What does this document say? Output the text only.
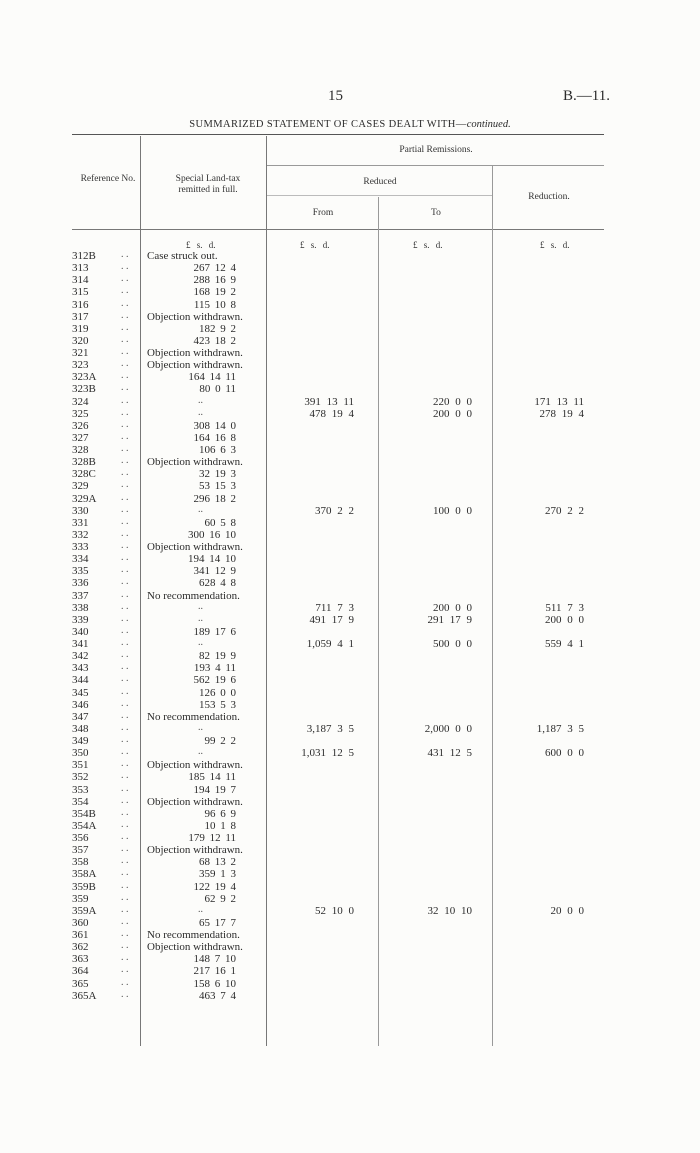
15	B.—11.
SUMMARIZED STATEMENT OF CASES DEALT WITH—continued.
Partial Remissions.
Reference No.	Special Land-tax remitted in full.
Reduced
From	To
Reduction.
£ s. d.	£ s. d.	£ s. d.	£ s. d.
312B	. . Case struck out.
313	. .	267 12 4
314	. .	288 16 9
315	. .	168 19 2
316	. .	115 10 8
317	. . Objection withdrawn.
319	. .	182 9 2
320	. .	423 18 2
321	. . Objection withdrawn.
323	. . Objection withdrawn.
323A . .	164 14 11
323B	. .	80 0 11
324	. .	..	391 13 11	220 0 0	171 13 11
325	. .	..	478 19 4	200 0 0	278 19 4
326	. .	308 14 0
327	. .	164 16 8
328	. .	106 6 3
328B	. . Objection withdrawn.
328C	. .	32 19 3
329	. .	53 15 3
329A . .	296 18 2
330	. .	..	370 2 2	100 0 0	270 2 2
331	. .	60 5 8
332	. .	300 16 10
333	. . Objection withdrawn.
334	. .	194 14 10
335	. .	341 12 9
336	. .	628 4 8
337	. . No recommendation.
338	. .	..	711 7 3	200 0 0	511 7 3
339	. .	..	491 17 9	291 17 9	200 0 0
340	. .	189 17 6
341	. .	..	1,059 4 1	500 0 0	559 4 1
342	. .	82 19 9
343	. .	193 4 11
344	. .	562 19 6
345	. .	126 0 0
346	. .	153 5 3
347	. . No recommendation.
348	. .	..	3,187 3 5	2,000 0 0	1,187 3 5
349	. .	99 2 2
350	. .	..	1,031 12 5	431 12 5	600 0 0
351	. . Objection withdrawn.
352	. .	185 14 11
353	. .	194 19 7
354	. . Objection withdrawn.
354B	. .	96 6 9
354A . .	10 1 8
356	. .	179 12 11
357	. . Objection withdrawn.
358	. .	68 13 2
358A . .	359 1 3
359B	. .	122 19 4
359	. .	62 9 2
359A . .	..	52 10 0	32 10 10	20 0 0
360	. .	65 17 7
361	. . No recommendation.
362	. . Objection withdrawn.
363	. .	148 7 10
364	. .	217 16 1
365	. .	158 6 10
365A . .	463 7 4
